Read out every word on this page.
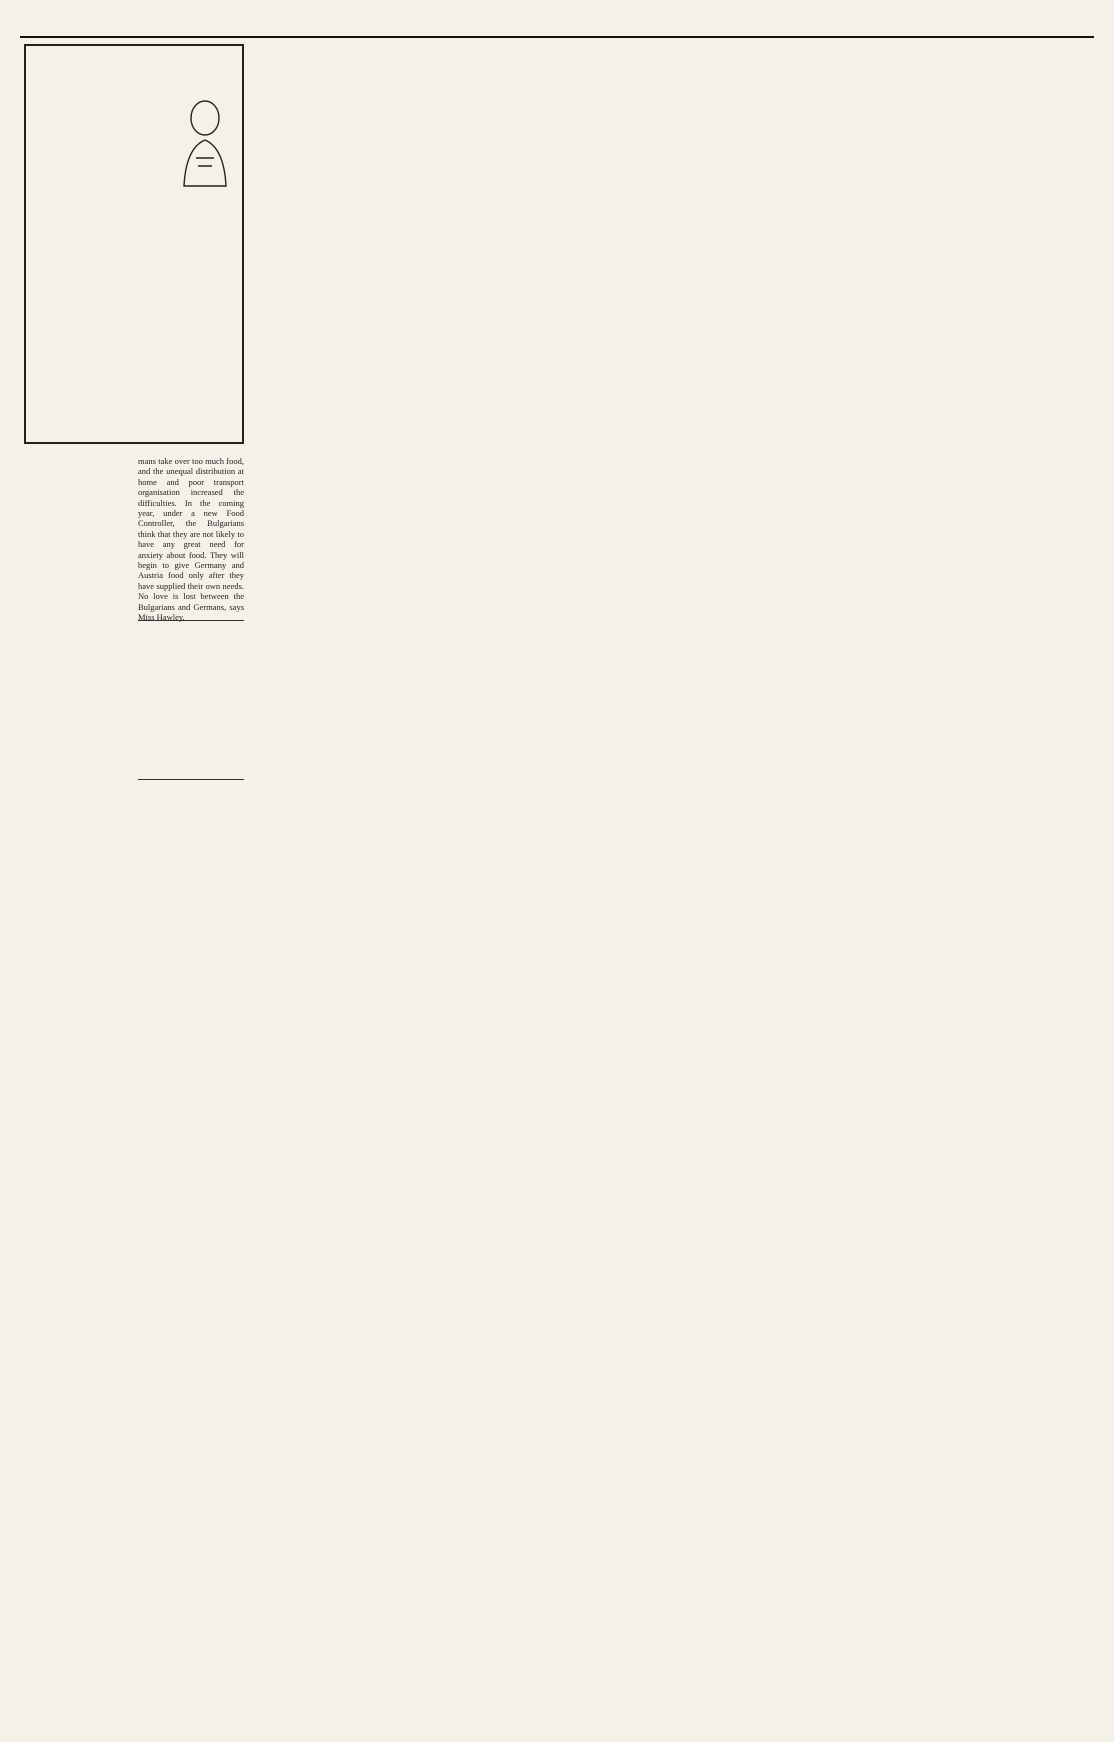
mans take over too much food, and the unequal distribution at home and poor transport organisation increased the difficulties. In the coming year, under a new Food Controller, the Bulgarians think that they are not likely to have any great need for anxiety about food. They will begin to give Germany and Austria food only after they have supplied their own needs. No love is lost between the Bulgarians and Germans, says Miss Hawley.
